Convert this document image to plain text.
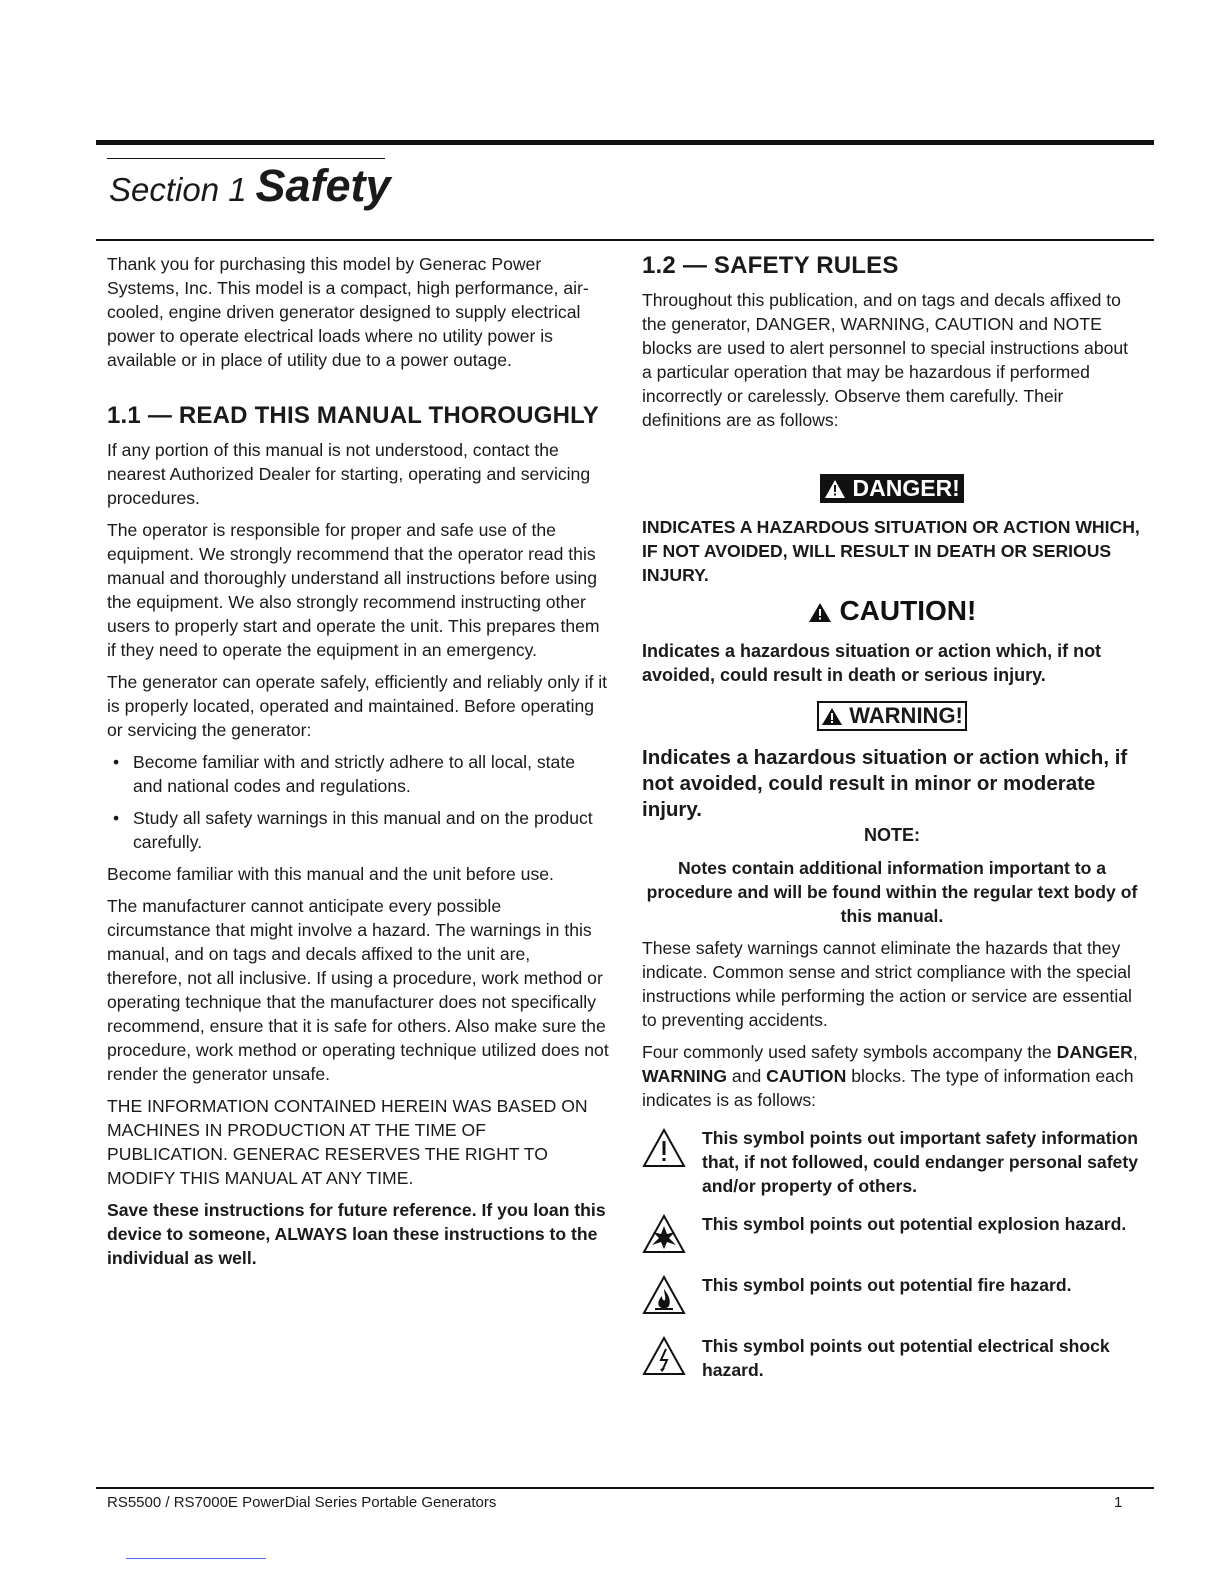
Section 1 Safety

Thank you for purchasing this model by Generac Power Systems, Inc. This model is a compact, high performance, air-cooled, engine driven generator designed to supply electrical power to operate electrical loads where no utility power is available or in place of utility due to a power outage.

1.1 — READ THIS MANUAL THOROUGHLY

If any portion of this manual is not understood, contact the nearest Authorized Dealer for starting, operating and servicing procedures.

The operator is responsible for proper and safe use of the equipment. We strongly recommend that the operator read this manual and thoroughly understand all instructions before using the equipment. We also strongly recommend instructing other users to properly start and operate the unit. This prepares them if they need to operate the equipment in an emergency.

The generator can operate safely, efficiently and reliably only if it is properly located, operated and maintained. Before operating or servicing the generator:

• Become familiar with and strictly adhere to all local, state and national codes and regulations.
• Study all safety warnings in this manual and on the product carefully.

Become familiar with this manual and the unit before use.

The manufacturer cannot anticipate every possible circumstance that might involve a hazard. The warnings in this manual, and on tags and decals affixed to the unit are, therefore, not all inclusive. If using a procedure, work method or operating technique that the manufacturer does not specifically recommend, ensure that it is safe for others. Also make sure the procedure, work method or operating technique utilized does not render the generator unsafe.

THE INFORMATION CONTAINED HEREIN WAS BASED ON MACHINES IN PRODUCTION AT THE TIME OF PUBLICATION. GENERAC RESERVES THE RIGHT TO MODIFY THIS MANUAL AT ANY TIME.

Save these instructions for future reference. If you loan this device to someone, ALWAYS loan these instructions to the individual as well.

1.2 — SAFETY RULES

Throughout this publication, and on tags and decals affixed to the generator, DANGER, WARNING, CAUTION and NOTE blocks are used to alert personnel to special instructions about a particular operation that may be hazardous if performed incorrectly or carelessly. Observe them carefully. Their definitions are as follows:

DANGER!

INDICATES A HAZARDOUS SITUATION OR ACTION WHICH, IF NOT AVOIDED, WILL RESULT IN DEATH OR SERIOUS INJURY.

CAUTION!

Indicates a hazardous situation or action which, if not avoided, could result in death or serious injury.

WARNING!

Indicates a hazardous situation or action which, if not avoided, could result in minor or moderate injury.

NOTE:

Notes contain additional information important to a procedure and will be found within the regular text body of this manual.

These safety warnings cannot eliminate the hazards that they indicate. Common sense and strict compliance with the special instructions while performing the action or service are essential to preventing accidents.

Four commonly used safety symbols accompany the DANGER, WARNING and CAUTION blocks. The type of information each indicates is as follows:

This symbol points out important safety information that, if not followed, could endanger personal safety and/or property of others.
This symbol points out potential explosion hazard.
This symbol points out potential fire hazard.
This symbol points out potential electrical shock hazard.
RS5500 / RS7000E PowerDial Series Portable Generators	1
